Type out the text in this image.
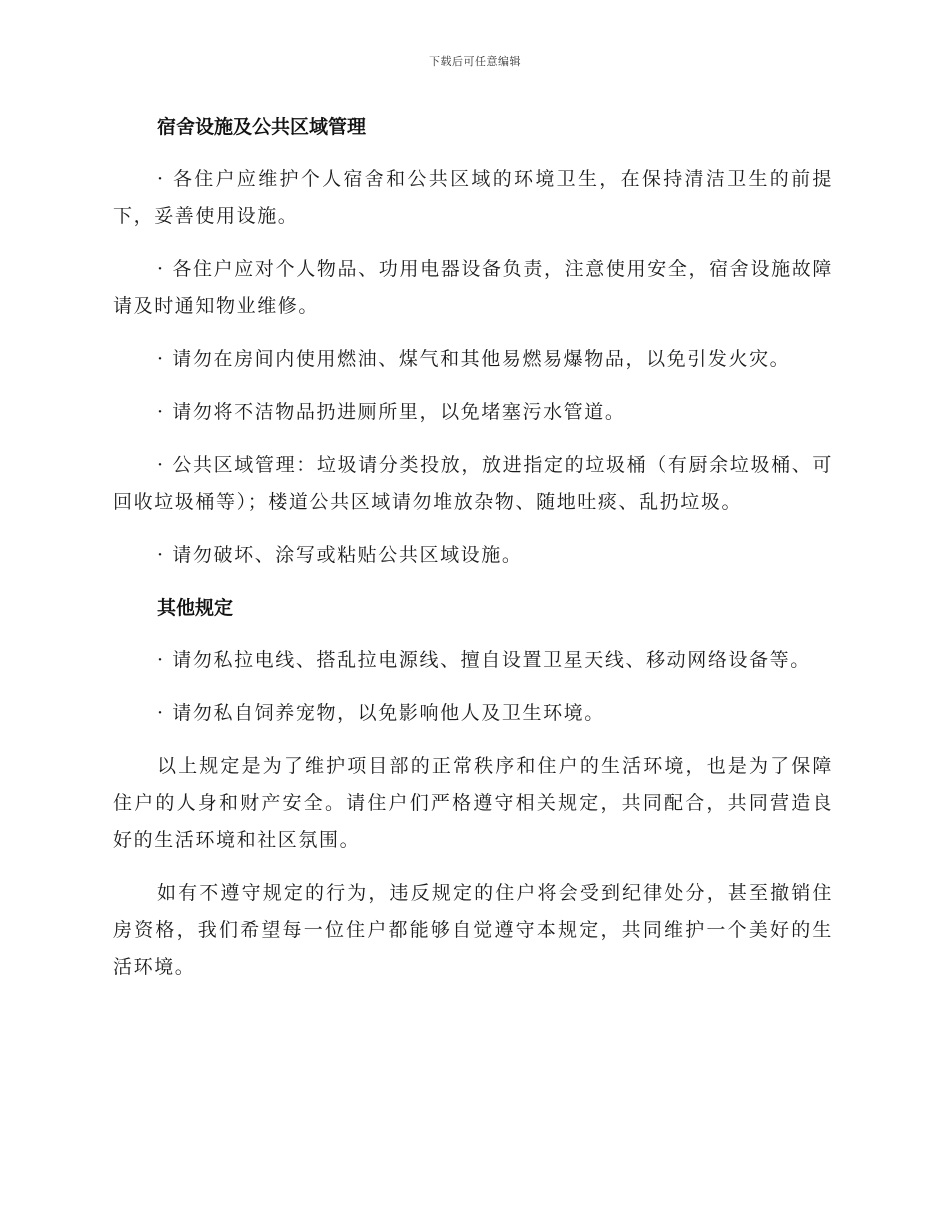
下载后可任意编辑
宿舍设施及公共区域管理

· 各住户应维护个人宿舍和公共区域的环境卫生，在保持清洁卫生的前提下，妥善使用设施。

· 各住户应对个人物品、功用电器设备负责，注意使用安全，宿舍设施故障请及时通知物业维修。

· 请勿在房间内使用燃油、煤气和其他易燃易爆物品，以免引发火灾。

· 请勿将不洁物品扔进厕所里，以免堵塞污水管道。

· 公共区域管理：垃圾请分类投放，放进指定的垃圾桶（有厨余垃圾桶、可回收垃圾桶等）；楼道公共区域请勿堆放杂物、随地吐痰、乱扔垃圾。

· 请勿破坏、涂写或粘贴公共区域设施。

其他规定

· 请勿私拉电线、搭乱拉电源线、擅自设置卫星天线、移动网络设备等。

· 请勿私自饲养宠物，以免影响他人及卫生环境。

以上规定是为了维护项目部的正常秩序和住户的生活环境，也是为了保障住户的人身和财产安全。请住户们严格遵守相关规定，共同配合，共同营造良好的生活环境和社区氛围。

如有不遵守规定的行为，违反规定的住户将会受到纪律处分，甚至撤销住房资格，我们希望每一位住户都能够自觉遵守本规定，共同维护一个美好的生活环境。
